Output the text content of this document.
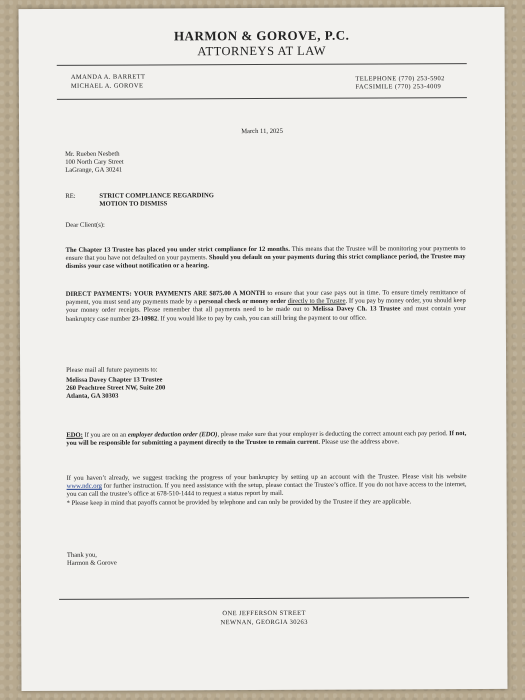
HARMON & GOROVE, P.C.
ATTORNEYS AT LAW
AMANDA A. BARRETT
MICHAEL A. GOROVE
TELEPHONE (770) 253-5902
FACSIMILE (770) 253-4009
March 11, 2025
Mr. Rueben Nesbeth
100 North Cary Street
LaGrange, GA 30241
RE:	STRICT COMPLIANCE REGARDING
MOTION TO DISMISS
Dear Client(s):
The Chapter 13 Trustee has placed you under strict compliance for 12 months. This means that the Trustee will be monitoring your payments to ensure that you have not defaulted on your payments. Should you default on your payments during this strict compliance period, the Trustee may dismiss your case without notification or a hearing.
DIRECT PAYMENTS: YOUR PAYMENTS ARE $875.00 A MONTH to ensure that your case pays out in time. To ensure timely remittance of payment, you must send any payments made by a personal check or money order directly to the Trustee. If you pay by money order, you should keep your money order receipts. Please remember that all payments need to be made out to Melissa Davey Ch. 13 Trustee and must contain your bankruptcy case number 23-10982. If you would like to pay by cash, you can still bring the payment to our office.
Please mail all future payments to:
Melissa Davey Chapter 13 Trustee
260 Peachtree Street NW, Suite 200
Atlanta, GA 30303
EDO: If you are on an employer deduction order (EDO), please make sure that your employer is deducting the correct amount each pay period. If not, you will be responsible for submitting a payment directly to the Trustee to remain current. Please use the address above.
If you haven’t already, we suggest tracking the progress of your bankruptcy by setting up an account with the Trustee. Please visit his website www.ndc.org for further instruction. If you need assistance with the setup, please contact the Trustee’s office. If you do not have access to the internet, you can call the trustee’s office at 678-510-1444 to request a status report by mail.
* Please keep in mind that payoffs cannot be provided by telephone and can only be provided by the Trustee if they are applicable.
Thank you,
Harmon & Gorove
ONE JEFFERSON STREET
NEWNAN, GEORGIA 30263
